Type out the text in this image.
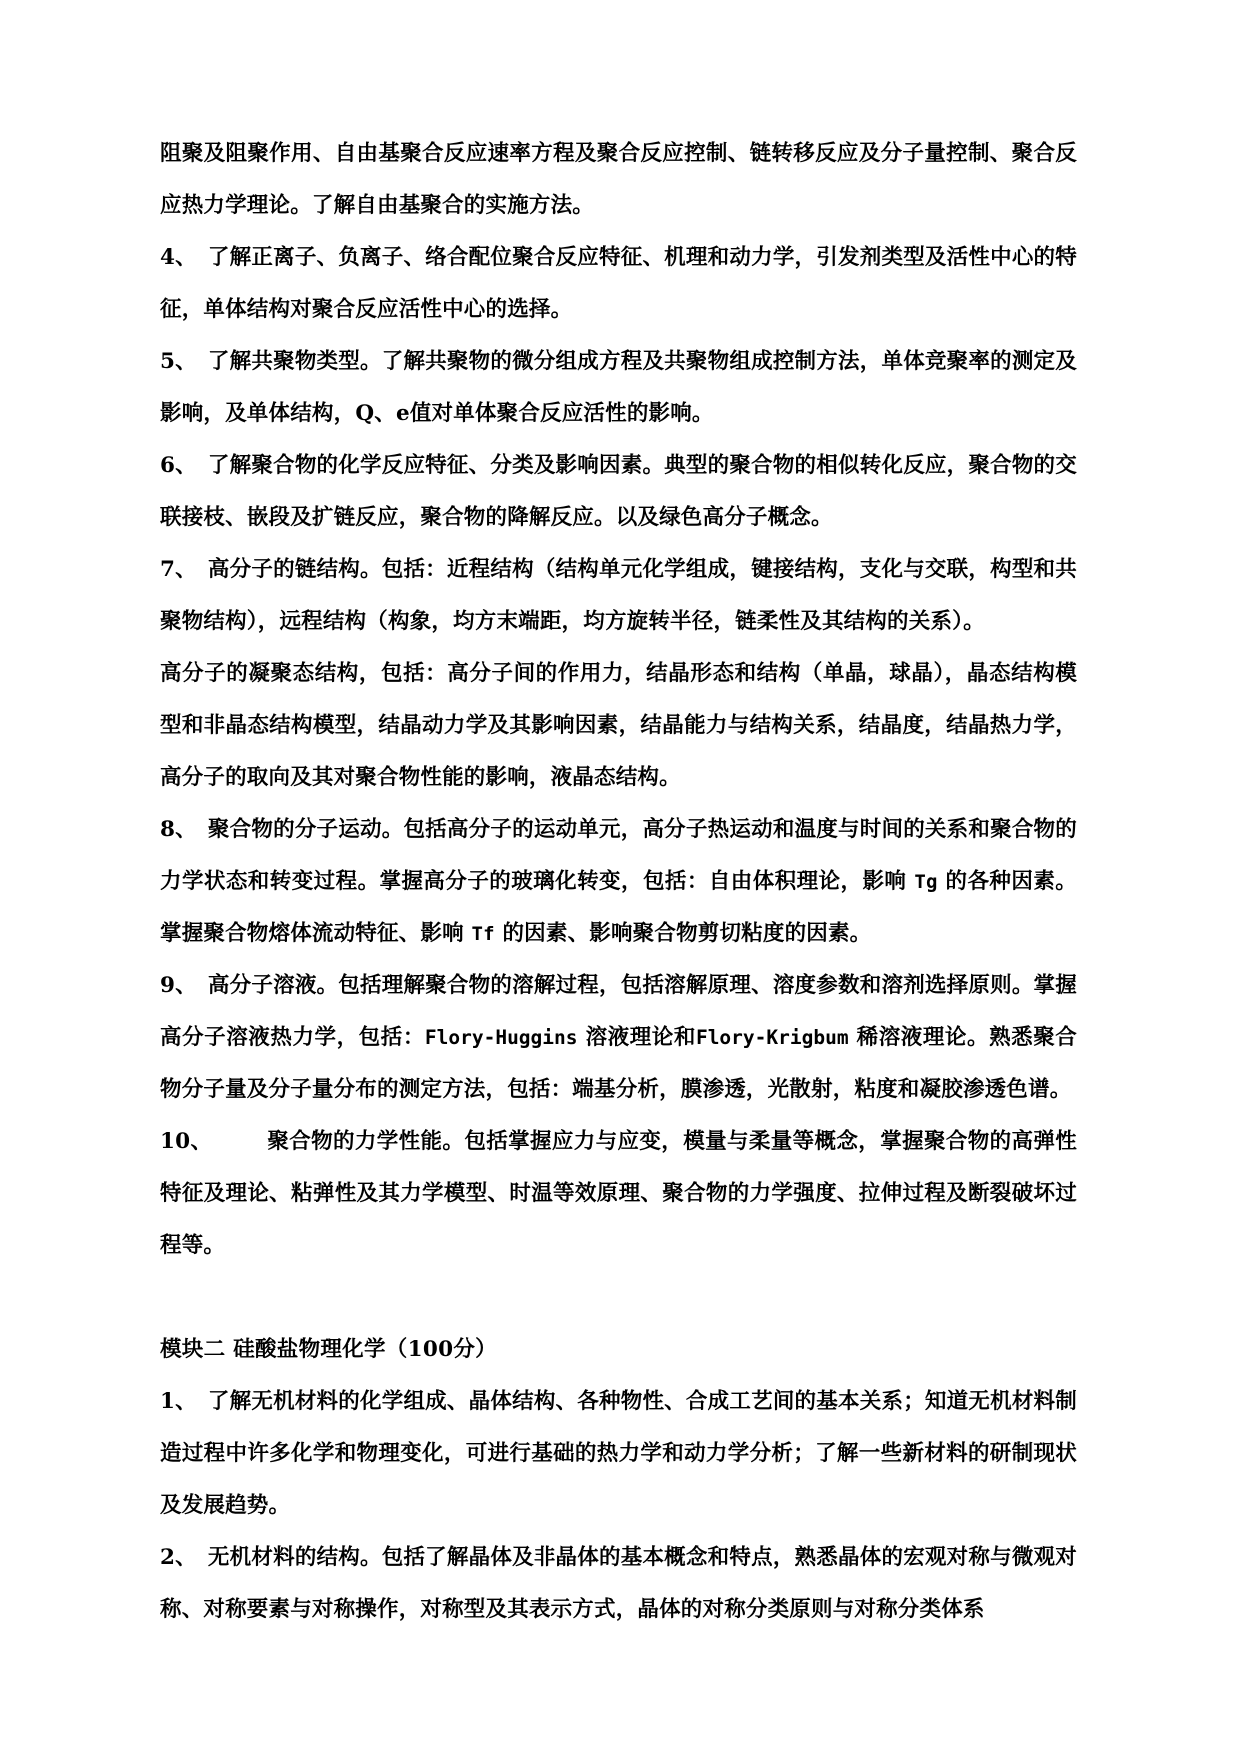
阻聚及阻聚作用、自由基聚合反应速率方程及聚合反应控制、链转移反应及分子量控制、聚合反应热力学理论。了解自由基聚合的实施方法。

4、　 了解正离子、负离子、络合配位聚合反应特征、机理和动力学，引发剂类型及活性中心的特征，单体结构对聚合反应活性中心的选择。

5、　 了解共聚物类型。了解共聚物的微分组成方程及共聚物组成控制方法，单体竞聚率的测定及影响，及单体结构，Q、e值对单体聚合反应活性的影响。

6、　 了解聚合物的化学反应特征、分类及影响因素。典型的聚合物的相似转化反应，聚合物的交联接枝、嵌段及扩链反应，聚合物的降解反应。以及绿色高分子概念。

7、　 高分子的链结构。包括：近程结构（结构单元化学组成，键接结构，支化与交联，构型和共聚物结构），远程结构（构象，均方末端距，均方旋转半径，链柔性及其结构的关系）。

高分子的凝聚态结构，包括：高分子间的作用力，结晶形态和结构（单晶，球晶），晶态结构模型和非晶态结构模型，结晶动力学及其影响因素，结晶能力与结构关系，结晶度，结晶热力学，高分子的取向及其对聚合物性能的影响，液晶态结构。

8、　 聚合物的分子运动。包括高分子的运动单元，高分子热运动和温度与时间的关系和聚合物的力学状态和转变过程。掌握高分子的玻璃化转变，包括：自由体积理论，影响 Tg 的各种因素。掌握聚合物熔体流动特征、影响 Tf 的因素、影响聚合物剪切粘度的因素。

9、　 高分子溶液。包括理解聚合物的溶解过程，包括溶解原理、溶度参数和溶剂选择原则。掌握高分子溶液热力学，包括：Flory-Huggins 溶液理论和Flory-Krigbum 稀溶液理论。熟悉聚合物分子量及分子量分布的测定方法，包括：端基分析，膜渗透，光散射，粘度和凝胶渗透色谱。

10、　　　	聚合物的力学性能。包括掌握应力与应变，模量与柔量等概念，掌握聚合物的高弹性特征及理论、粘弹性及其力学模型、时温等效原理、聚合物的力学强度、拉伸过程及断裂破坏过程等。

模块二 硅酸盐物理化学（100分）

1、　 了解无机材料的化学组成、晶体结构、各种物性、合成工艺间的基本关系；知道无机材料制造过程中许多化学和物理变化，可进行基础的热力学和动力学分析；了解一些新材料的研制现状及发展趋势。

2、　 无机材料的结构。包括了解晶体及非晶体的基本概念和特点，熟悉晶体的宏观对称与微观对称、对称要素与对称操作，对称型及其表示方式，晶体的对称分类原则与对称分类体系
